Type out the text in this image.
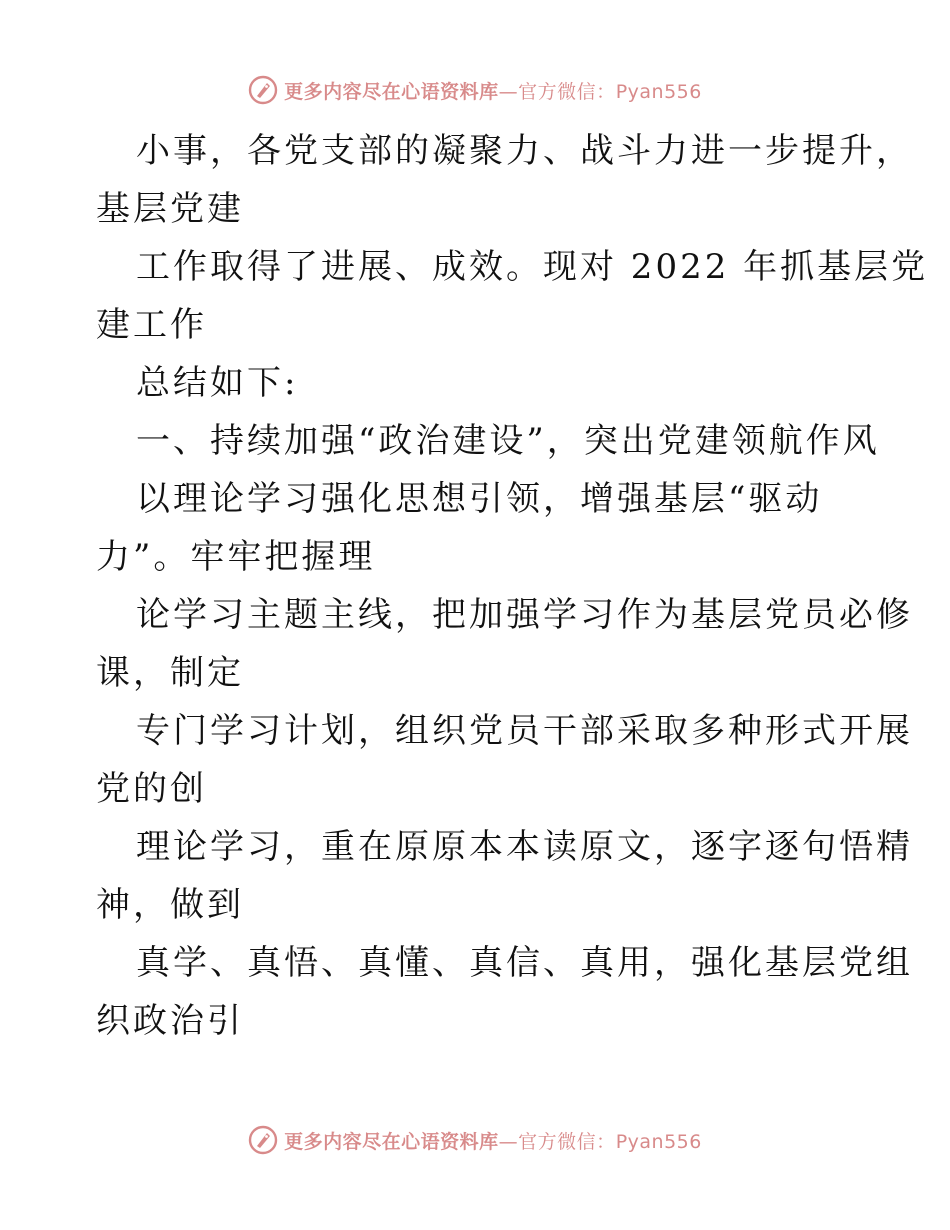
更多内容尽在心语资料库—官方微信：Pyan556
小事，各党支部的凝聚力、战斗力进一步提升，
基层党建
工作取得了进展、成效。现对 2022 年抓基层党
建工作
总结如下:
一、持续加强“政治建设”，突出党建领航作风
以理论学习强化思想引领，增强基层“驱动
力”。牢牢把握理
论学习主题主线，把加强学习作为基层党员必修
课，制定
专门学习计划，组织党员干部采取多种形式开展
党的创
理论学习，重在原原本本读原文，逐字逐句悟精
神，做到
真学、真悟、真懂、真信、真用，强化基层党组
织政治引
更多内容尽在心语资料库—官方微信：Pyan556
